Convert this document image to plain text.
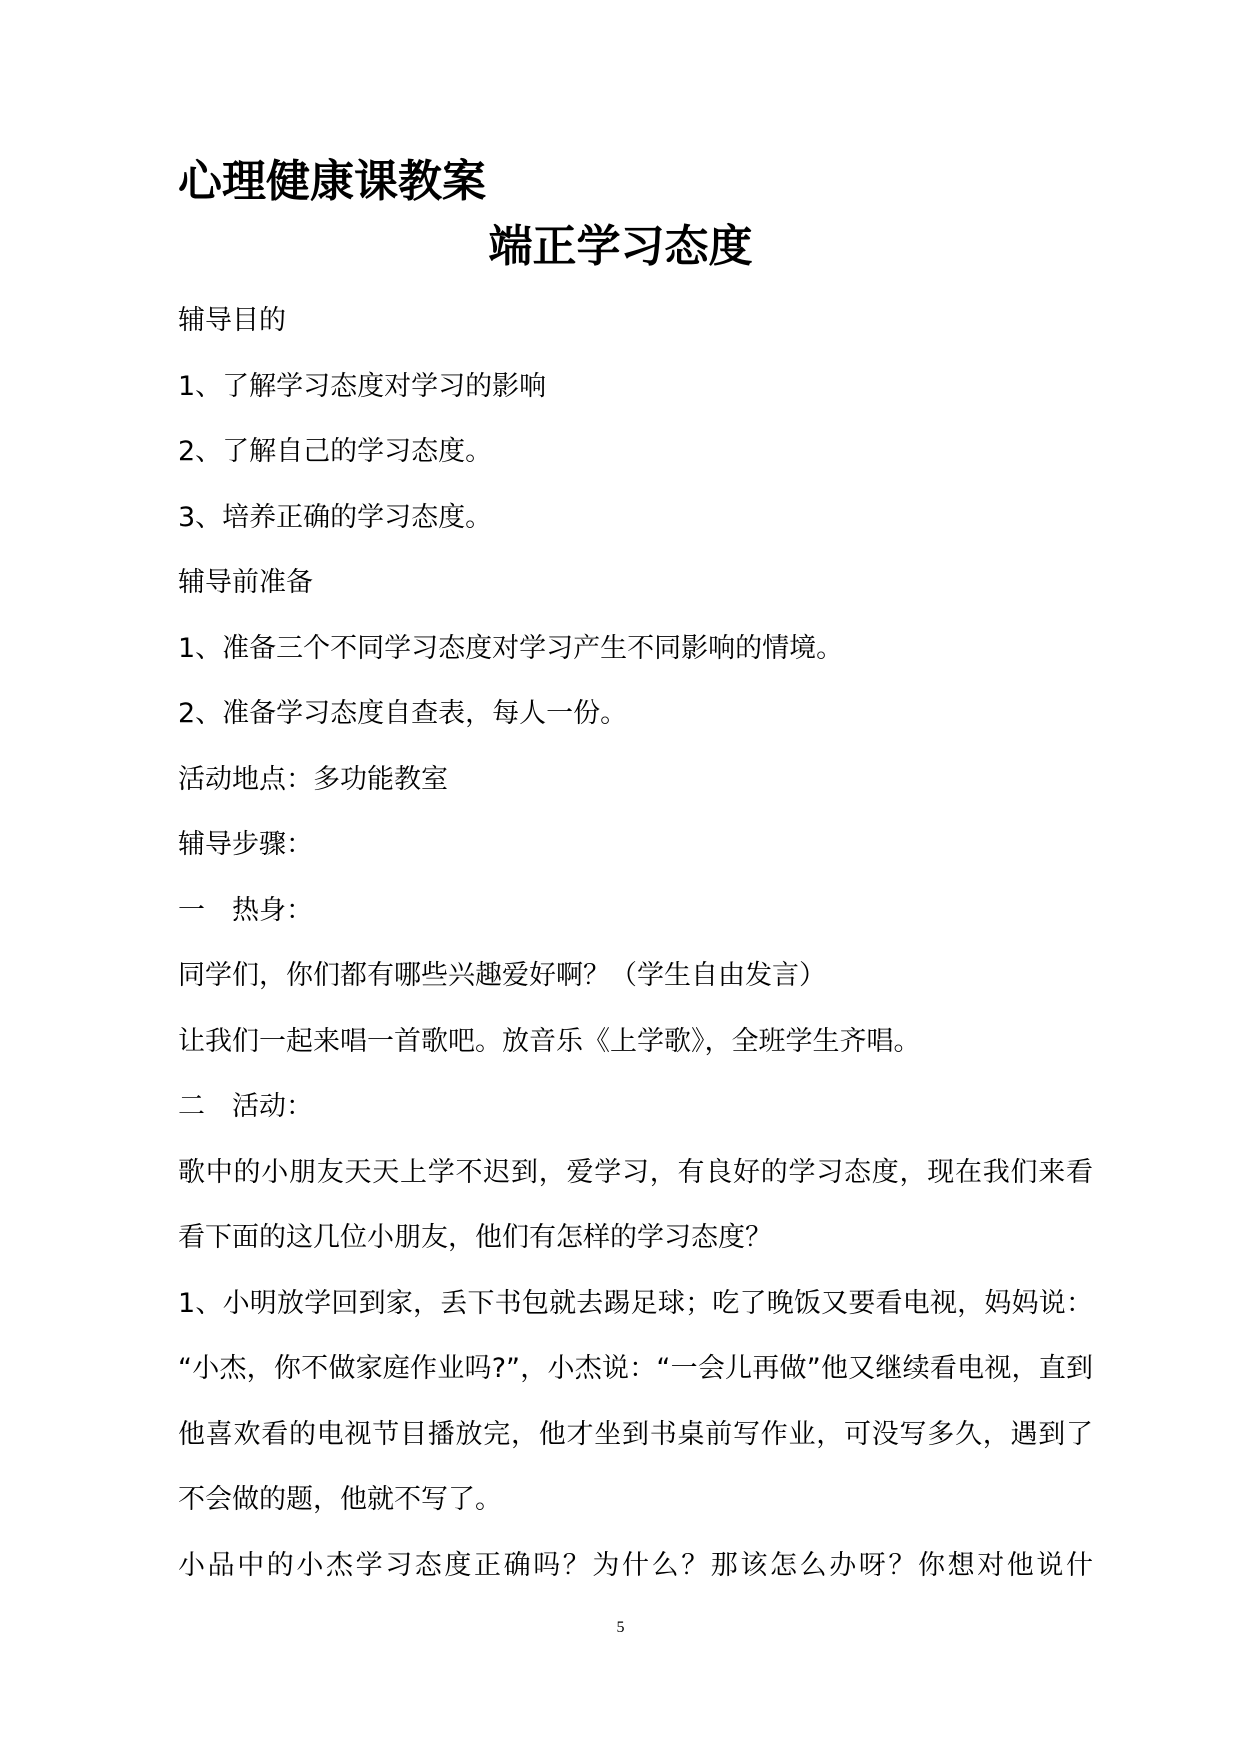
心理健康课教案
端正学习态度
辅导目的
1、了解学习态度对学习的影响
2、了解自己的学习态度。
3、培养正确的学习态度。
辅导前准备
1、准备三个不同学习态度对学习产生不同影响的情境。
2、准备学习态度自查表，每人一份。
活动地点：多功能教室
辅导步骤：
一　热身：
同学们，你们都有哪些兴趣爱好啊？（学生自由发言）
让我们一起来唱一首歌吧。放音乐《上学歌》，全班学生齐唱。
二　活动：
歌中的小朋友天天上学不迟到，爱学习，有良好的学习态度，现在我们来看看下面的这几位小朋友，他们有怎样的学习态度？
1、小明放学回到家，丢下书包就去踢足球；吃了晚饭又要看电视，妈妈说：“小杰，你不做家庭作业吗?”，小杰说：“一会儿再做”他又继续看电视，直到他喜欢看的电视节目播放完，他才坐到书桌前写作业，可没写多久，遇到了不会做的题，他就不写了。
小品中的小杰学习态度正确吗？为什么？那该怎么办呀？你想对他说什
5
